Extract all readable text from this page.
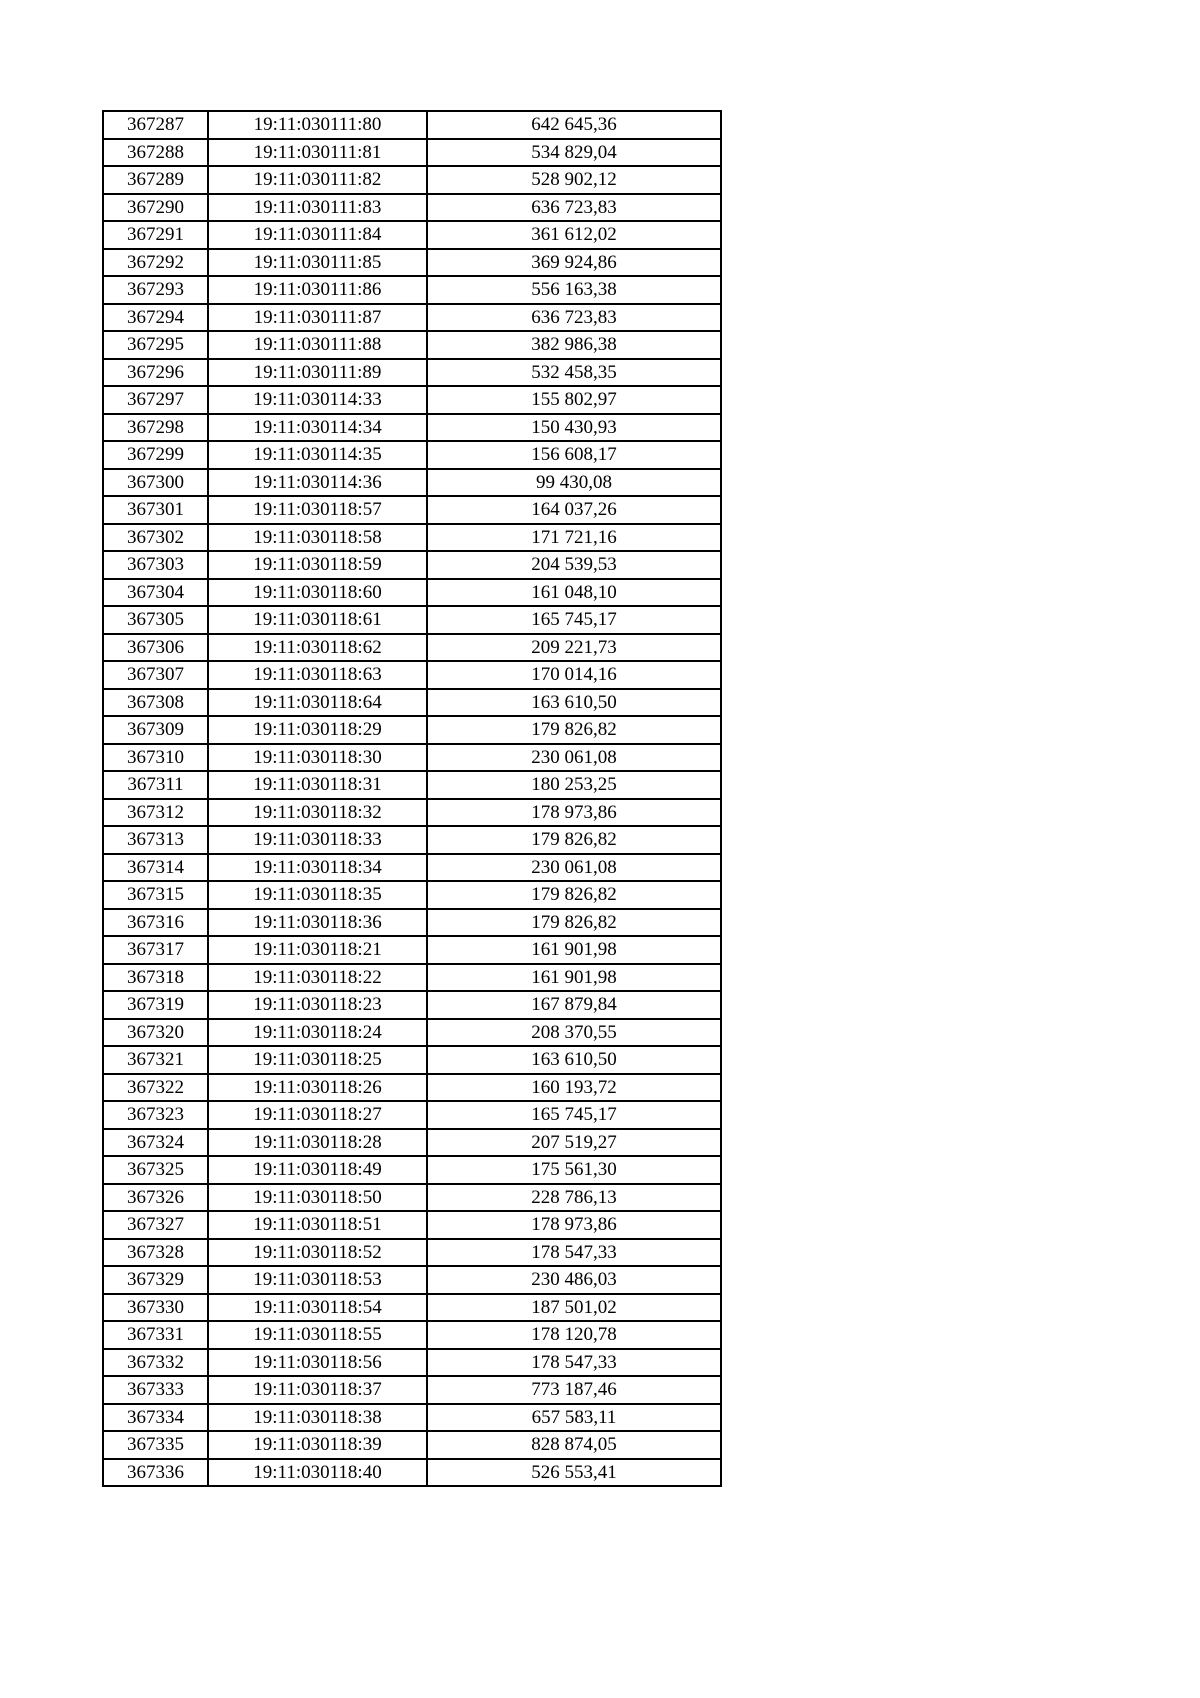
367287	19:11:030111:80	642 645,36
367288	19:11:030111:81	534 829,04
367289	19:11:030111:82	528 902,12
367290	19:11:030111:83	636 723,83
367291	19:11:030111:84	361 612,02
367292	19:11:030111:85	369 924,86
367293	19:11:030111:86	556 163,38
367294	19:11:030111:87	636 723,83
367295	19:11:030111:88	382 986,38
367296	19:11:030111:89	532 458,35
367297	19:11:030114:33	155 802,97
367298	19:11:030114:34	150 430,93
367299	19:11:030114:35	156 608,17
367300	19:11:030114:36	99 430,08
367301	19:11:030118:57	164 037,26
367302	19:11:030118:58	171 721,16
367303	19:11:030118:59	204 539,53
367304	19:11:030118:60	161 048,10
367305	19:11:030118:61	165 745,17
367306	19:11:030118:62	209 221,73
367307	19:11:030118:63	170 014,16
367308	19:11:030118:64	163 610,50
367309	19:11:030118:29	179 826,82
367310	19:11:030118:30	230 061,08
367311	19:11:030118:31	180 253,25
367312	19:11:030118:32	178 973,86
367313	19:11:030118:33	179 826,82
367314	19:11:030118:34	230 061,08
367315	19:11:030118:35	179 826,82
367316	19:11:030118:36	179 826,82
367317	19:11:030118:21	161 901,98
367318	19:11:030118:22	161 901,98
367319	19:11:030118:23	167 879,84
367320	19:11:030118:24	208 370,55
367321	19:11:030118:25	163 610,50
367322	19:11:030118:26	160 193,72
367323	19:11:030118:27	165 745,17
367324	19:11:030118:28	207 519,27
367325	19:11:030118:49	175 561,30
367326	19:11:030118:50	228 786,13
367327	19:11:030118:51	178 973,86
367328	19:11:030118:52	178 547,33
367329	19:11:030118:53	230 486,03
367330	19:11:030118:54	187 501,02
367331	19:11:030118:55	178 120,78
367332	19:11:030118:56	178 547,33
367333	19:11:030118:37	773 187,46
367334	19:11:030118:38	657 583,11
367335	19:11:030118:39	828 874,05
367336	19:11:030118:40	526 553,41
